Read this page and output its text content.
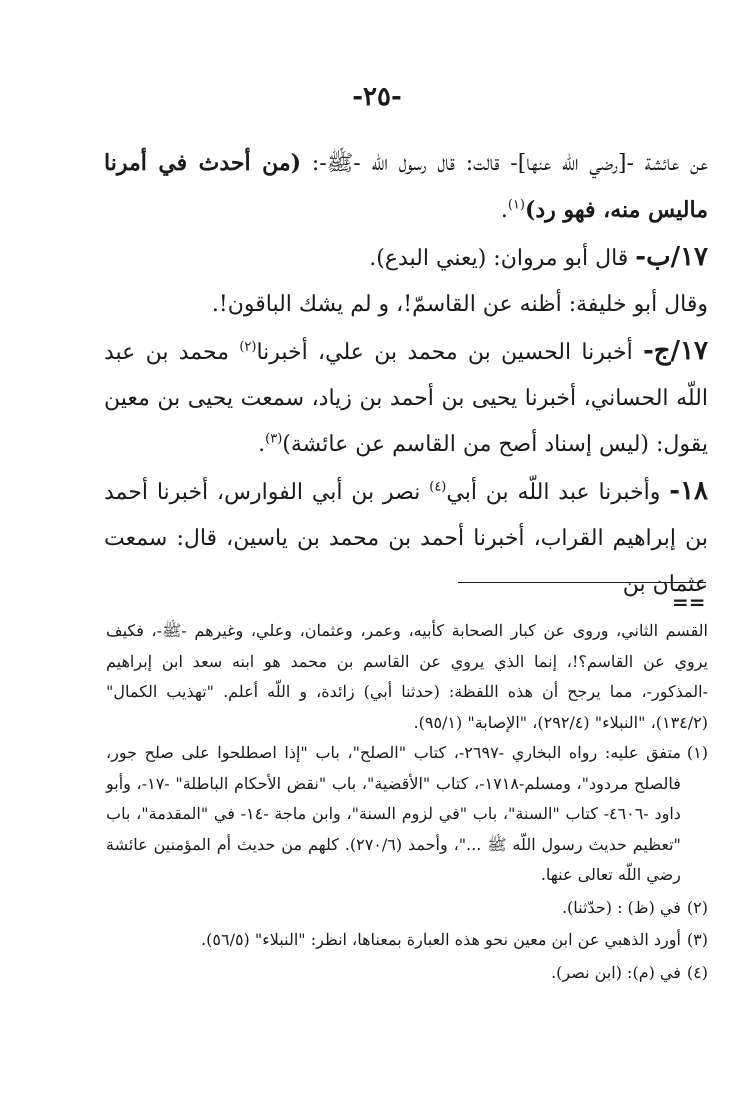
-٢٥-

عن عائشة -[رضي اللّه عنها]- قالت: قال رسول اللّه -ﷺ-: (من أحدث في أمرنا ماليس منه، فهو رد)$^{(١)}$.

١٧/ب- قال أبو مروان: (يعني البدع).

وقال أبو خليفة: أظنه عن القاسمّ!، و لم يشك الباقون!.

١٧/ج- أخبرنا الحسين بن محمد بن علي، أخبرنا$^{(٢)}$ محمد بن عبد اللّه الحساني، أخبرنا يحيى بن أحمد بن زياد، سمعت يحيى بن معين يقول: (ليس إسناد أصح من القاسم عن عائشة)$^{(٣)}$.

١٨- وأخبرنا عبد اللّه بن أبي$^{(٤)}$ نصر بن أبي الفوارس، أخبرنا أحمد بن إبراهيم القراب، أخبرنا أحمد بن محمد بن ياسين، قال: سمعت عثمان بن

==

القسم الثاني، وروى عن كبار الصحابة كأبيه، وعمر، وعثمان، وعلي، وغيرهم -ﷺ-، فكيف يروي عن القاسم؟!، إنما الذي يروي عن القاسم بن محمد هو ابنه سعد ابن إبراهيم -المذكور-، مما يرجح أن هذه اللفظة: (حدثنا أبي) زائدة، و اللّه أعلم. "تهذيب الكمال" (١٣٤/٢)، "النبلاء" (٢٩٢/٤)، "الإصابة" (٩٥/١).

(١)
متفق عليه: رواه البخاري -٢٦٩٧-، كتاب "الصلح"، باب "إذا اصطلحوا على صلح جور، فالصلح مردود"، ومسلم-١٧١٨-، كتاب "الأقضية"، باب "نقض الأحكام الباطلة" -١٧-، وأبو داود -٤٦٠٦- كتاب "السنة"، باب "في لزوم السنة"، وابن ماجة -١٤- في "المقدمة"، باب "تعظيم حديث رسول اللّه ﷺ ..."، وأحمد (٢٧٠/٦). كلهم من حديث أم المؤمنين عائشة رضي اللّه تعالى عنها.
(٢)
في (ظ) : (حدّثنا).
(٣)
أورد الذهبي عن ابن معين نحو هذه العبارة بمعناها، انظر: "النبلاء" (٥٦/٥).
(٤)
في (م): (ابن نصر).
